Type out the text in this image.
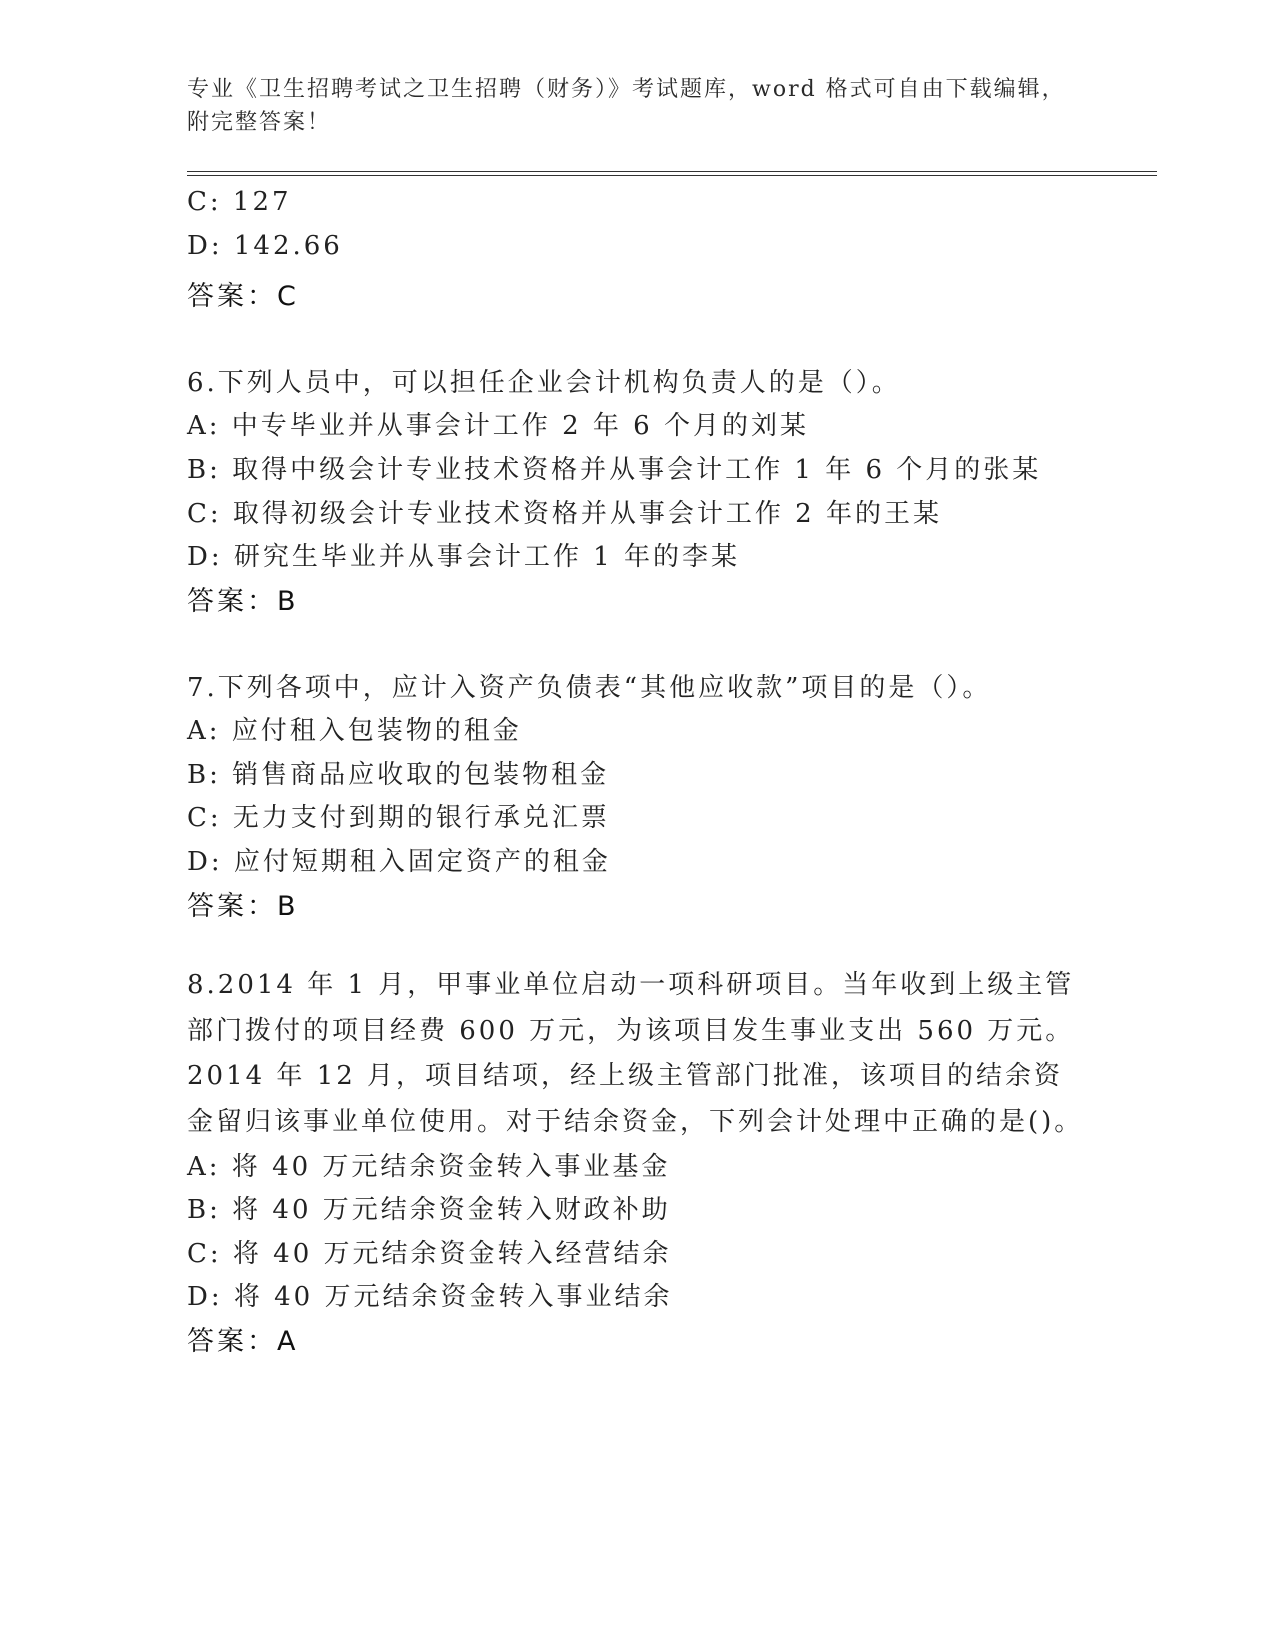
专业《卫生招聘考试之卫生招聘（财务）》考试题库，word 格式可自由下载编辑，附完整答案！
C: 127
D: 142.66
答案：C
6.下列人员中，可以担任企业会计机构负责人的是（）。
A: 中专毕业并从事会计工作 2 年 6 个月的刘某
B: 取得中级会计专业技术资格并从事会计工作 1 年 6 个月的张某
C: 取得初级会计专业技术资格并从事会计工作 2 年的王某
D: 研究生毕业并从事会计工作 1 年的李某
答案：B
7.下列各项中，应计入资产负债表“其他应收款”项目的是（）。
A: 应付租入包装物的租金
B: 销售商品应收取的包装物租金
C: 无力支付到期的银行承兑汇票
D: 应付短期租入固定资产的租金
答案：B
8.2014 年 1 月，甲事业单位启动一项科研项目。当年收到上级主管部门拨付的项目经费 600 万元，为该项目发生事业支出 560 万元。2014 年 12 月，项目结项，经上级主管部门批准，该项目的结余资金留归该事业单位使用。对于结余资金，下列会计处理中正确的是()。
A: 将 40 万元结余资金转入事业基金
B: 将 40 万元结余资金转入财政补助
C: 将 40 万元结余资金转入经营结余
D: 将 40 万元结余资金转入事业结余
答案：A
